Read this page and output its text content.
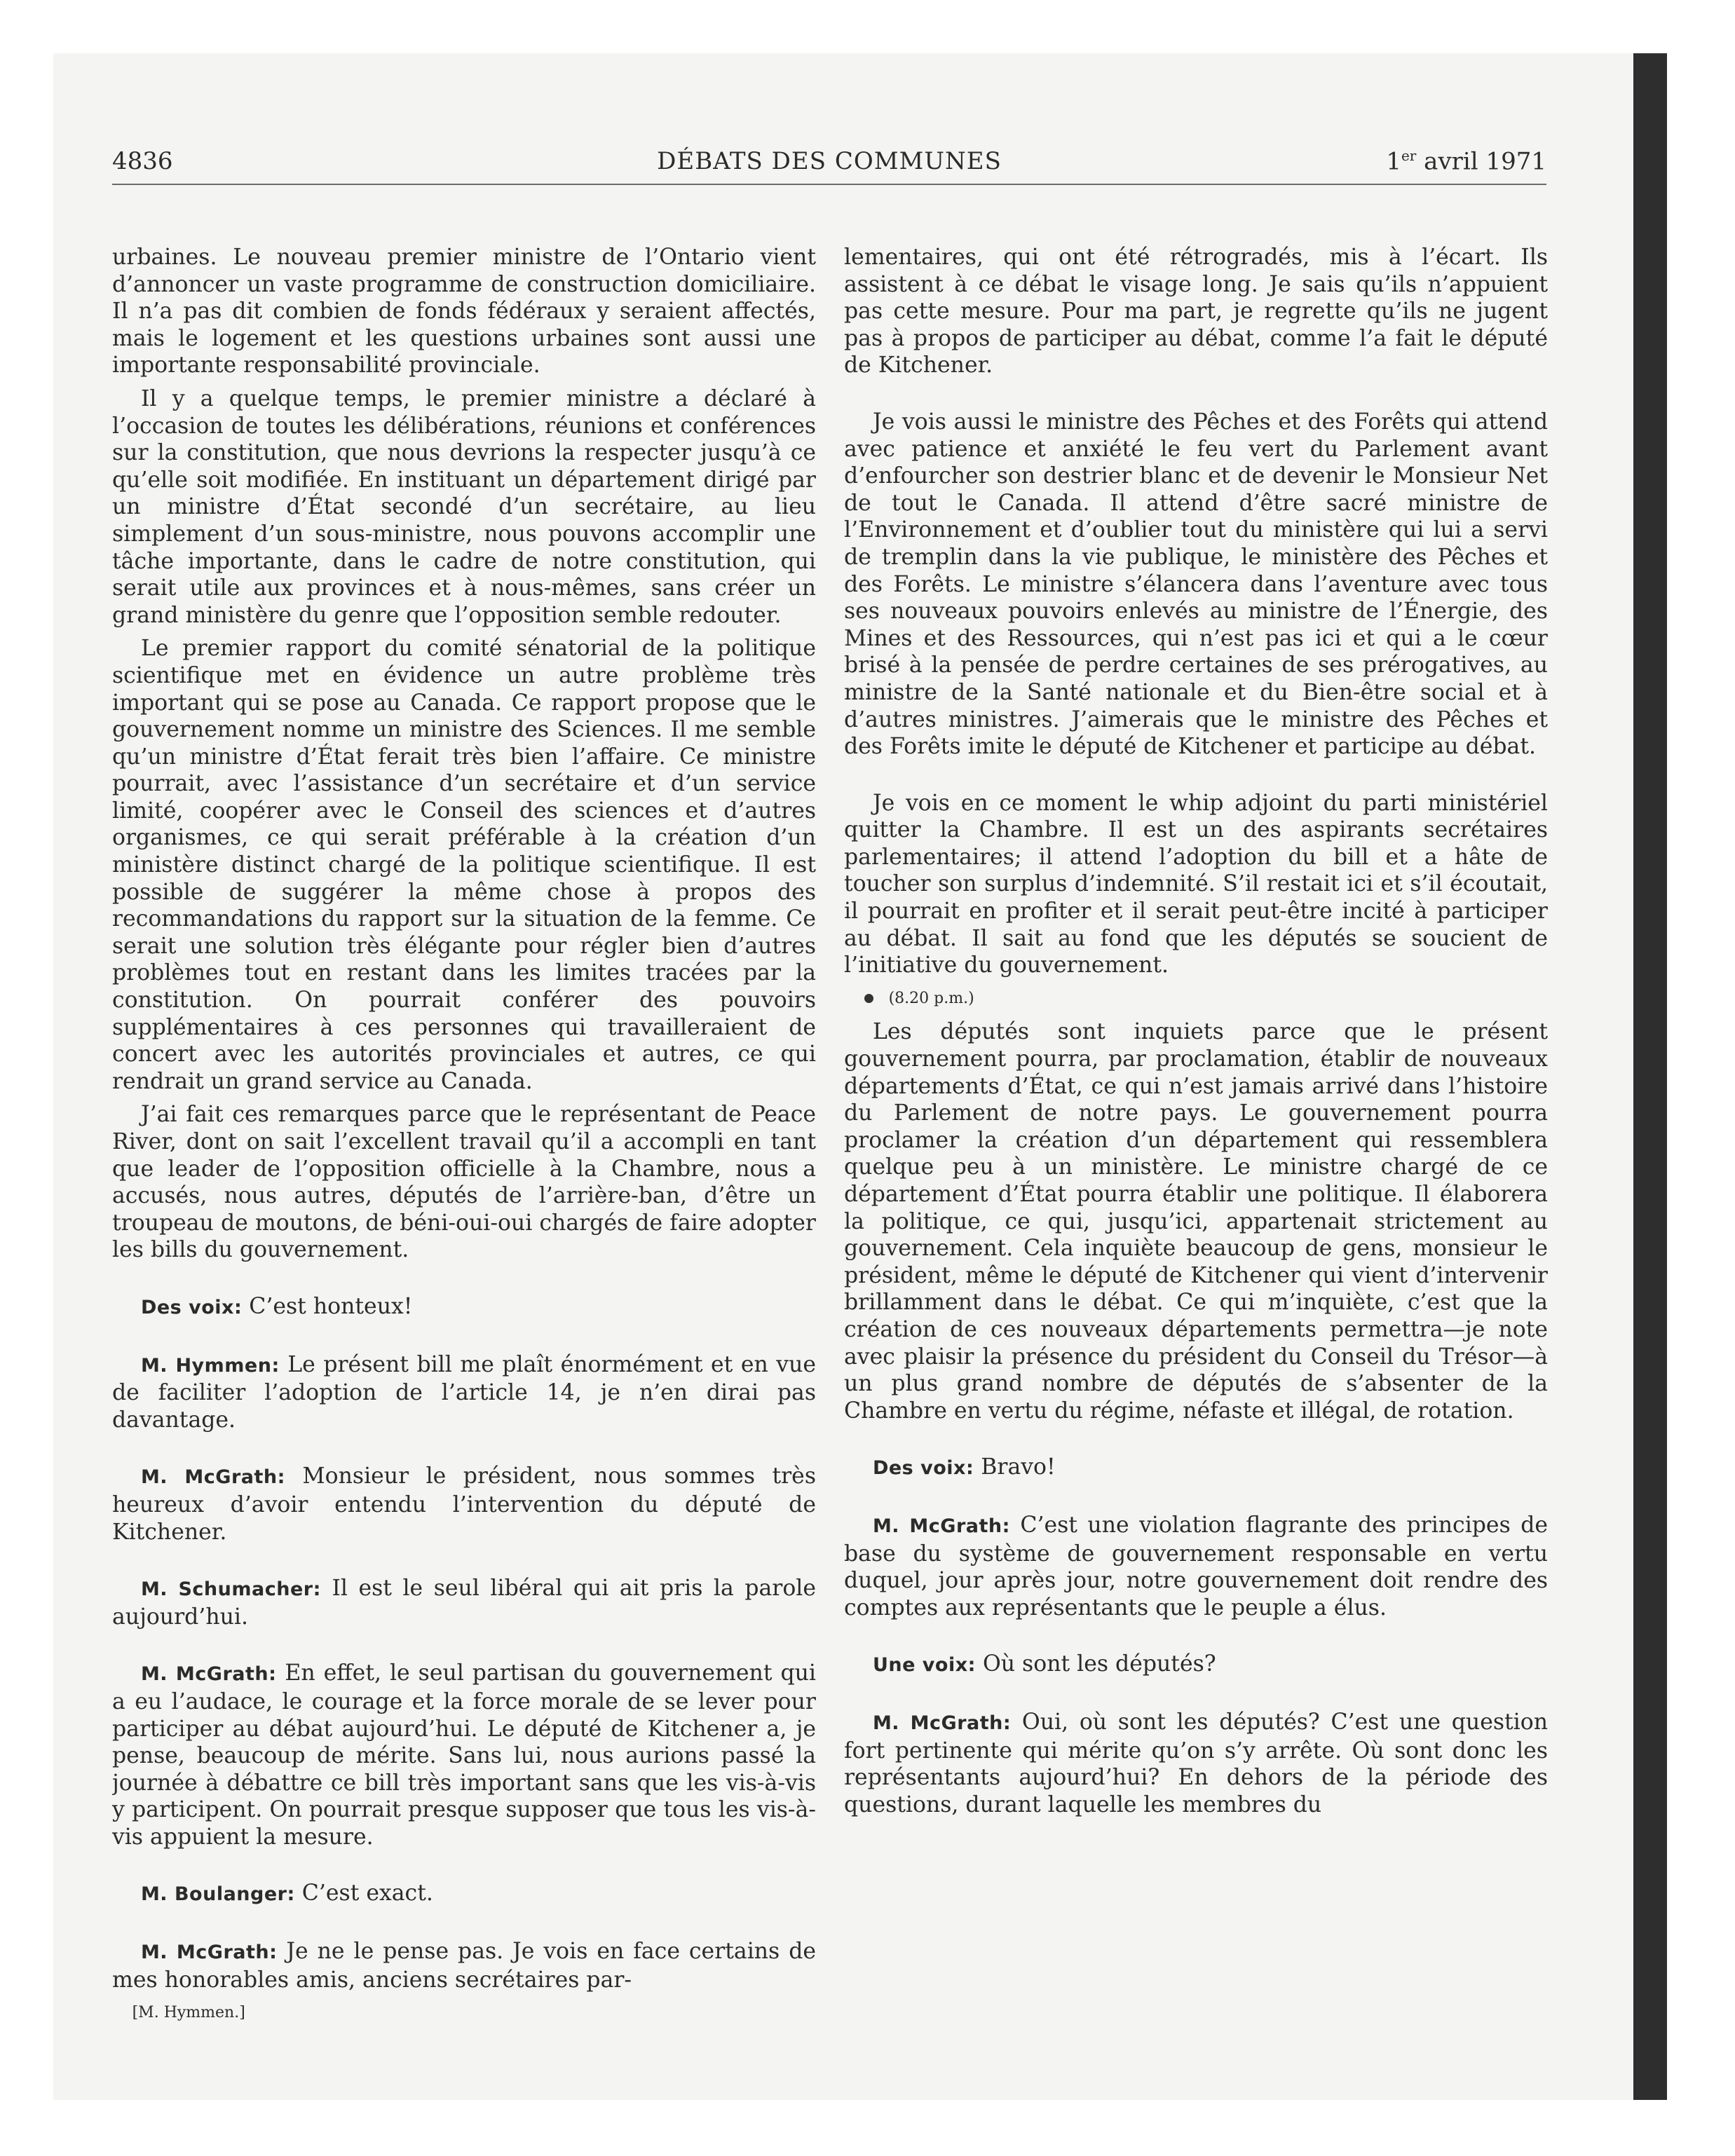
4836	DÉBATS DES COMMUNES	1er avril 1971

urbaines. Le nouveau premier ministre de l’Ontario vient d’annoncer un vaste programme de construction domiciliaire. Il n’a pas dit combien de fonds fédéraux y seraient affectés, mais le logement et les questions urbaines sont aussi une importante responsabilité provinciale.

Il y a quelque temps, le premier ministre a déclaré à l’occasion de toutes les délibérations, réunions et conférences sur la constitution, que nous devrions la respecter jusqu’à ce qu’elle soit modifiée. En instituant un département dirigé par un ministre d’État secondé d’un secrétaire, au lieu simplement d’un sous-ministre, nous pouvons accomplir une tâche importante, dans le cadre de notre constitution, qui serait utile aux provinces et à nous-mêmes, sans créer un grand ministère du genre que l’opposition semble redouter.

Le premier rapport du comité sénatorial de la politique scientifique met en évidence un autre problème très important qui se pose au Canada. Ce rapport propose que le gouvernement nomme un ministre des Sciences. Il me semble qu’un ministre d’État ferait très bien l’affaire. Ce ministre pourrait, avec l’assistance d’un secrétaire et d’un service limité, coopérer avec le Conseil des sciences et d’autres organismes, ce qui serait préférable à la création d’un ministère distinct chargé de la politique scientifique. Il est possible de suggérer la même chose à propos des recommandations du rapport sur la situation de la femme. Ce serait une solution très élégante pour régler bien d’autres problèmes tout en restant dans les limites tracées par la constitution. On pourrait conférer des pouvoirs supplémentaires à ces personnes qui travailleraient de concert avec les autorités provinciales et autres, ce qui rendrait un grand service au Canada.

J’ai fait ces remarques parce que le représentant de Peace River, dont on sait l’excellent travail qu’il a accompli en tant que leader de l’opposition officielle à la Chambre, nous a accusés, nous autres, députés de l’arrière-ban, d’être un troupeau de moutons, de béni-oui-oui chargés de faire adopter les bills du gouvernement.

Des voix: C’est honteux!

M. Hymmen: Le présent bill me plaît énormément et en vue de faciliter l’adoption de l’article 14, je n’en dirai pas davantage.

M. McGrath: Monsieur le président, nous sommes très heureux d’avoir entendu l’intervention du député de Kitchener.

M. Schumacher: Il est le seul libéral qui ait pris la parole aujourd’hui.

M. McGrath: En effet, le seul partisan du gouvernement qui a eu l’audace, le courage et la force morale de se lever pour participer au débat aujourd’hui. Le député de Kitchener a, je pense, beaucoup de mérite. Sans lui, nous aurions passé la journée à débattre ce bill très important sans que les vis-à-vis y participent. On pourrait presque supposer que tous les vis-à-vis appuient la mesure.

M. Boulanger: C’est exact.

M. McGrath: Je ne le pense pas. Je vois en face certains de mes honorables amis, anciens secrétaires par-

[M. Hymmen.]

lementaires, qui ont été rétrogradés, mis à l’écart. Ils assistent à ce débat le visage long. Je sais qu’ils n’appuient pas cette mesure. Pour ma part, je regrette qu’ils ne jugent pas à propos de participer au débat, comme l’a fait le député de Kitchener.

Je vois aussi le ministre des Pêches et des Forêts qui attend avec patience et anxiété le feu vert du Parlement avant d’enfourcher son destrier blanc et de devenir le Monsieur Net de tout le Canada. Il attend d’être sacré ministre de l’Environnement et d’oublier tout du ministère qui lui a servi de tremplin dans la vie publique, le ministère des Pêches et des Forêts. Le ministre s’élancera dans l’aventure avec tous ses nouveaux pouvoirs enlevés au ministre de l’Énergie, des Mines et des Ressources, qui n’est pas ici et qui a le cœur brisé à la pensée de perdre certaines de ses prérogatives, au ministre de la Santé nationale et du Bien-être social et à d’autres ministres. J’aimerais que le ministre des Pêches et des Forêts imite le député de Kitchener et participe au débat.

Je vois en ce moment le whip adjoint du parti ministériel quitter la Chambre. Il est un des aspirants secrétaires parlementaires; il attend l’adoption du bill et a hâte de toucher son surplus d’indemnité. S’il restait ici et s’il écoutait, il pourrait en profiter et il serait peut-être incité à participer au débat. Il sait au fond que les députés se soucient de l’initiative du gouvernement.

(8.20 p.m.)

Les députés sont inquiets parce que le présent gouvernement pourra, par proclamation, établir de nouveaux départements d’État, ce qui n’est jamais arrivé dans l’histoire du Parlement de notre pays. Le gouvernement pourra proclamer la création d’un département qui ressemblera quelque peu à un ministère. Le ministre chargé de ce département d’État pourra établir une politique. Il élaborera la politique, ce qui, jusqu’ici, appartenait strictement au gouvernement. Cela inquiète beaucoup de gens, monsieur le président, même le député de Kitchener qui vient d’intervenir brillamment dans le débat. Ce qui m’inquiète, c’est que la création de ces nouveaux départements permettra—je note avec plaisir la présence du président du Conseil du Trésor—à un plus grand nombre de députés de s’absenter de la Chambre en vertu du régime, néfaste et illégal, de rotation.

Des voix: Bravo!

M. McGrath: C’est une violation flagrante des principes de base du système de gouvernement responsable en vertu duquel, jour après jour, notre gouvernement doit rendre des comptes aux représentants que le peuple a élus.

Une voix: Où sont les députés?

M. McGrath: Oui, où sont les députés? C’est une question fort pertinente qui mérite qu’on s’y arrête. Où sont donc les représentants aujourd’hui? En dehors de la période des questions, durant laquelle les membres du
